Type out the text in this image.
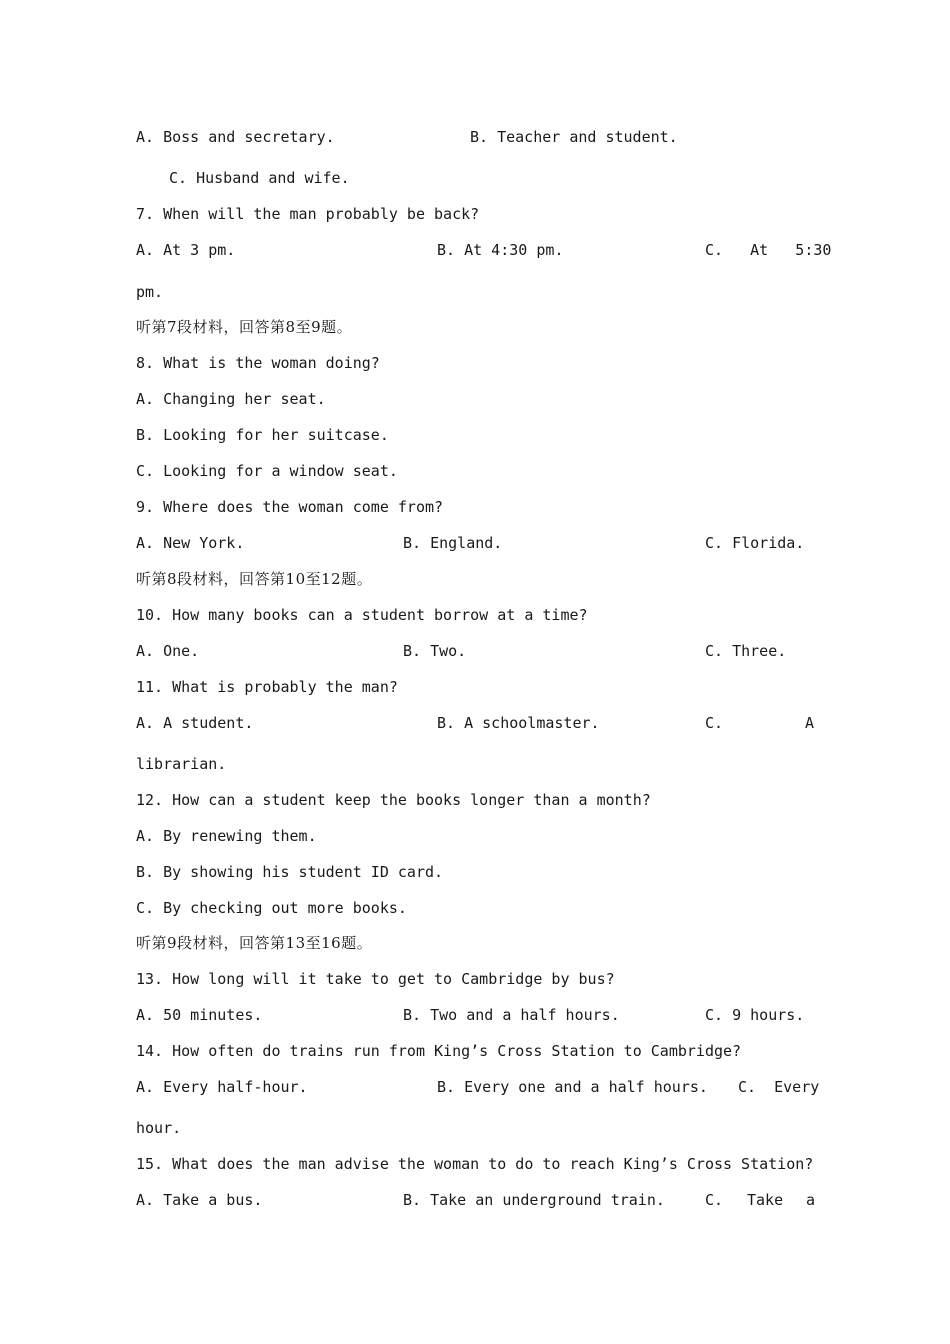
A. Boss and secretary.	B. Teacher and student.
C. Husband and wife.
7. When will the man probably be back?
A. At 3 pm.	B. At 4:30 pm.	C.   At   5:30
pm.
听第7段材料，回答第8至9题。
8. What is the woman doing?
A. Changing her seat.
B. Looking for her suitcase.
C. Looking for a window seat.
9. Where does the woman come from?
A. New York.	B. England.	C. Florida.
听第8段材料，回答第10至12题。
10. How many books can a student borrow at a time?
A. One.	B. Two.	C. Three.
11. What is probably the man?
A. A student.	B. A schoolmaster.	C.	A
librarian.
12. How can a student keep the books longer than a month?
A. By renewing them.
B. By showing his student ID card.
C. By checking out more books.
听第9段材料，回答第13至16题。
13. How long will it take to get to Cambridge by bus?
A. 50 minutes.	B. Two and a half hours.	C. 9 hours.
14. How often do trains run from King’s Cross Station to Cambridge?
A. Every half-hour.	B. Every one and a half hours. C.  Every
hour.
15. What does the man advise the woman to do to reach King’s Cross Station?
A. Take a bus.	B. Take an underground train.	C. Take a
